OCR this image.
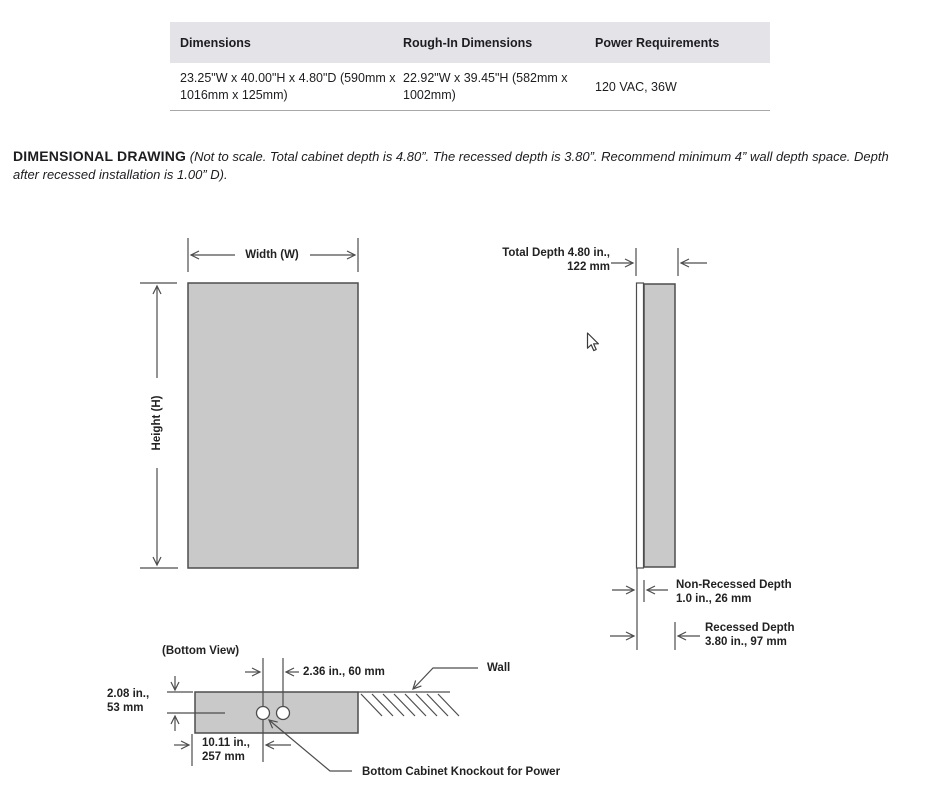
Dimensions	Rough-In Dimensions	Power Requirements
23.25"W x 40.00"H x 4.80"D (590mm x 1016mm x 125mm)
22.92"W x 39.45"H (582mm x 1002mm)
120 VAC, 36W
DIMENSIONAL DRAWING (Not to scale. Total cabinet depth is 4.80”. The recessed depth is 3.80”. Recommend minimum 4” wall depth space. Depth after recessed installation is 1.00” D).
Width (W)
Height (H)
Total Depth 4.80 in.,
122 mm
Non-Recessed Depth
1.0 in., 26 mm
Recessed Depth
3.80 in., 97 mm
(Bottom View)
2.36 in., 60 mm
2.08 in.,
53 mm
10.11 in.,
257 mm
Wall
Bottom Cabinet Knockout for Power
